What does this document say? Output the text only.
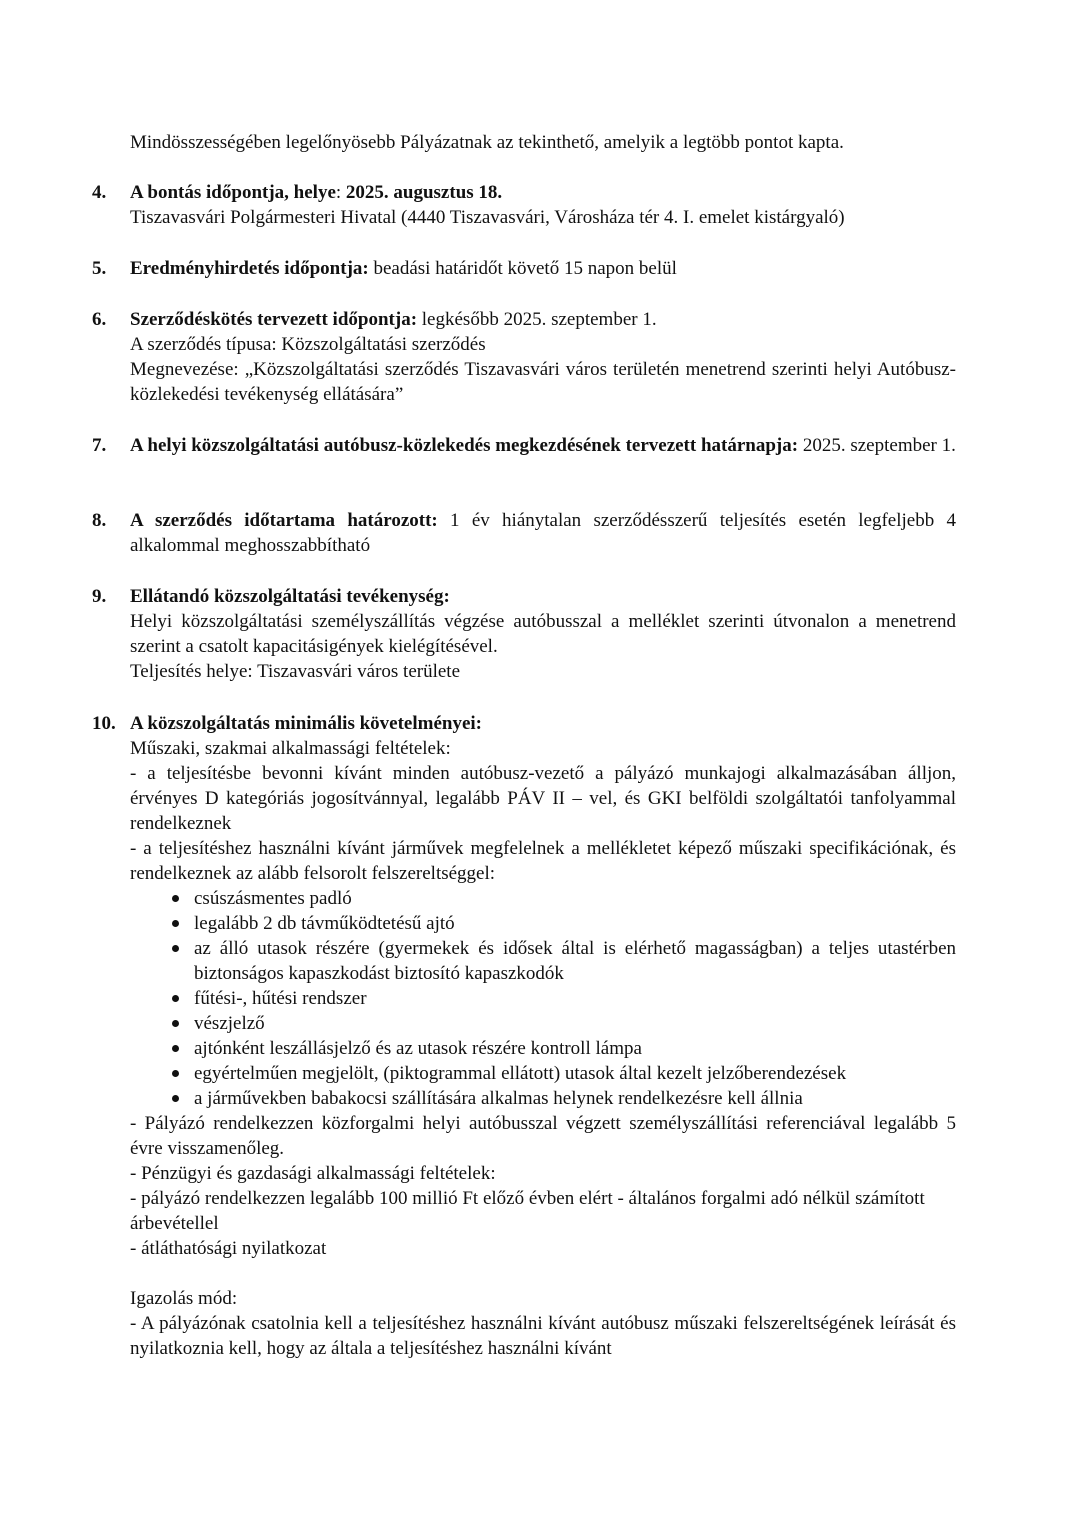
Mindösszességében legelőnyösebb Pályázatnak az tekinthető, amelyik a legtöbb pontot kapta.

4.	A bontás időpontja, helye: 2025. augusztus 18.

Tiszavasvári Polgármesteri Hivatal (4440 Tiszavasvári, Városháza tér 4. I. emelet kistárgyaló)

5.	Eredményhirdetés időpontja: beadási határidőt követő 15 napon belül

6.	Szerződéskötés tervezett időpontja: legkésőbb 2025. szeptember 1.

A szerződés típusa: Közszolgáltatási szerződés

Megnevezése: „Közszolgáltatási szerződés Tiszavasvári város területén menetrend szerinti helyi Autóbusz-közlekedési tevékenység ellátására”

7.	A helyi közszolgáltatási autóbusz-közlekedés megkezdésének tervezett határnapja: 2025. szeptember 1.

8.	A szerződés időtartama határozott: 1 év hiánytalan szerződésszerű teljesítés esetén legfeljebb 4 alkalommal meghosszabbítható

9.	Ellátandó közszolgáltatási tevékenység:

Helyi közszolgáltatási személyszállítás végzése autóbusszal a melléklet szerinti útvonalon a menetrend szerint a csatolt kapacitásigények kielégítésével.

Teljesítés helye: Tiszavasvári város területe

10. A közszolgáltatás minimális követelményei:

Műszaki, szakmai alkalmassági feltételek:

- a teljesítésbe bevonni kívánt minden autóbusz-vezető a pályázó munkajogi alkalmazásában álljon, érvényes D kategóriás jogosítvánnyal, legalább PÁV II – vel, és GKI belföldi szolgáltatói tanfolyammal rendelkeznek

- a teljesítéshez használni kívánt járművek megfelelnek a mellékletet képező műszaki specifikációnak, és rendelkeznek az alább felsorolt felszereltséggel:

csúszásmentes padló
legalább 2 db távműködtetésű ajtó
az álló utasok részére (gyermekek és idősek által is elérhető magasságban) a teljes utastérben biztonságos kapaszkodást biztosító kapaszkodók
fűtési-, hűtési rendszer
vészjelző
ajtónként leszállásjelző és az utasok részére kontroll lámpa
egyértelműen megjelölt, (piktogrammal ellátott) utasok által kezelt jelzőberendezések
a járművekben babakocsi szállítására alkalmas helynek rendelkezésre kell állnia

- Pályázó rendelkezzen közforgalmi helyi autóbusszal végzett személyszállítási referenciával legalább 5 évre visszamenőleg.

- Pénzügyi és gazdasági alkalmassági feltételek:

- pályázó rendelkezzen legalább 100 millió Ft előző évben elért - általános forgalmi adó nélkül számított árbevétellel

- átláthatósági nyilatkozat

Igazolás mód:

- A pályázónak csatolnia kell a teljesítéshez használni kívánt autóbusz műszaki felszereltségének leírását és nyilatkoznia kell, hogy az általa a teljesítéshez használni kívánt
